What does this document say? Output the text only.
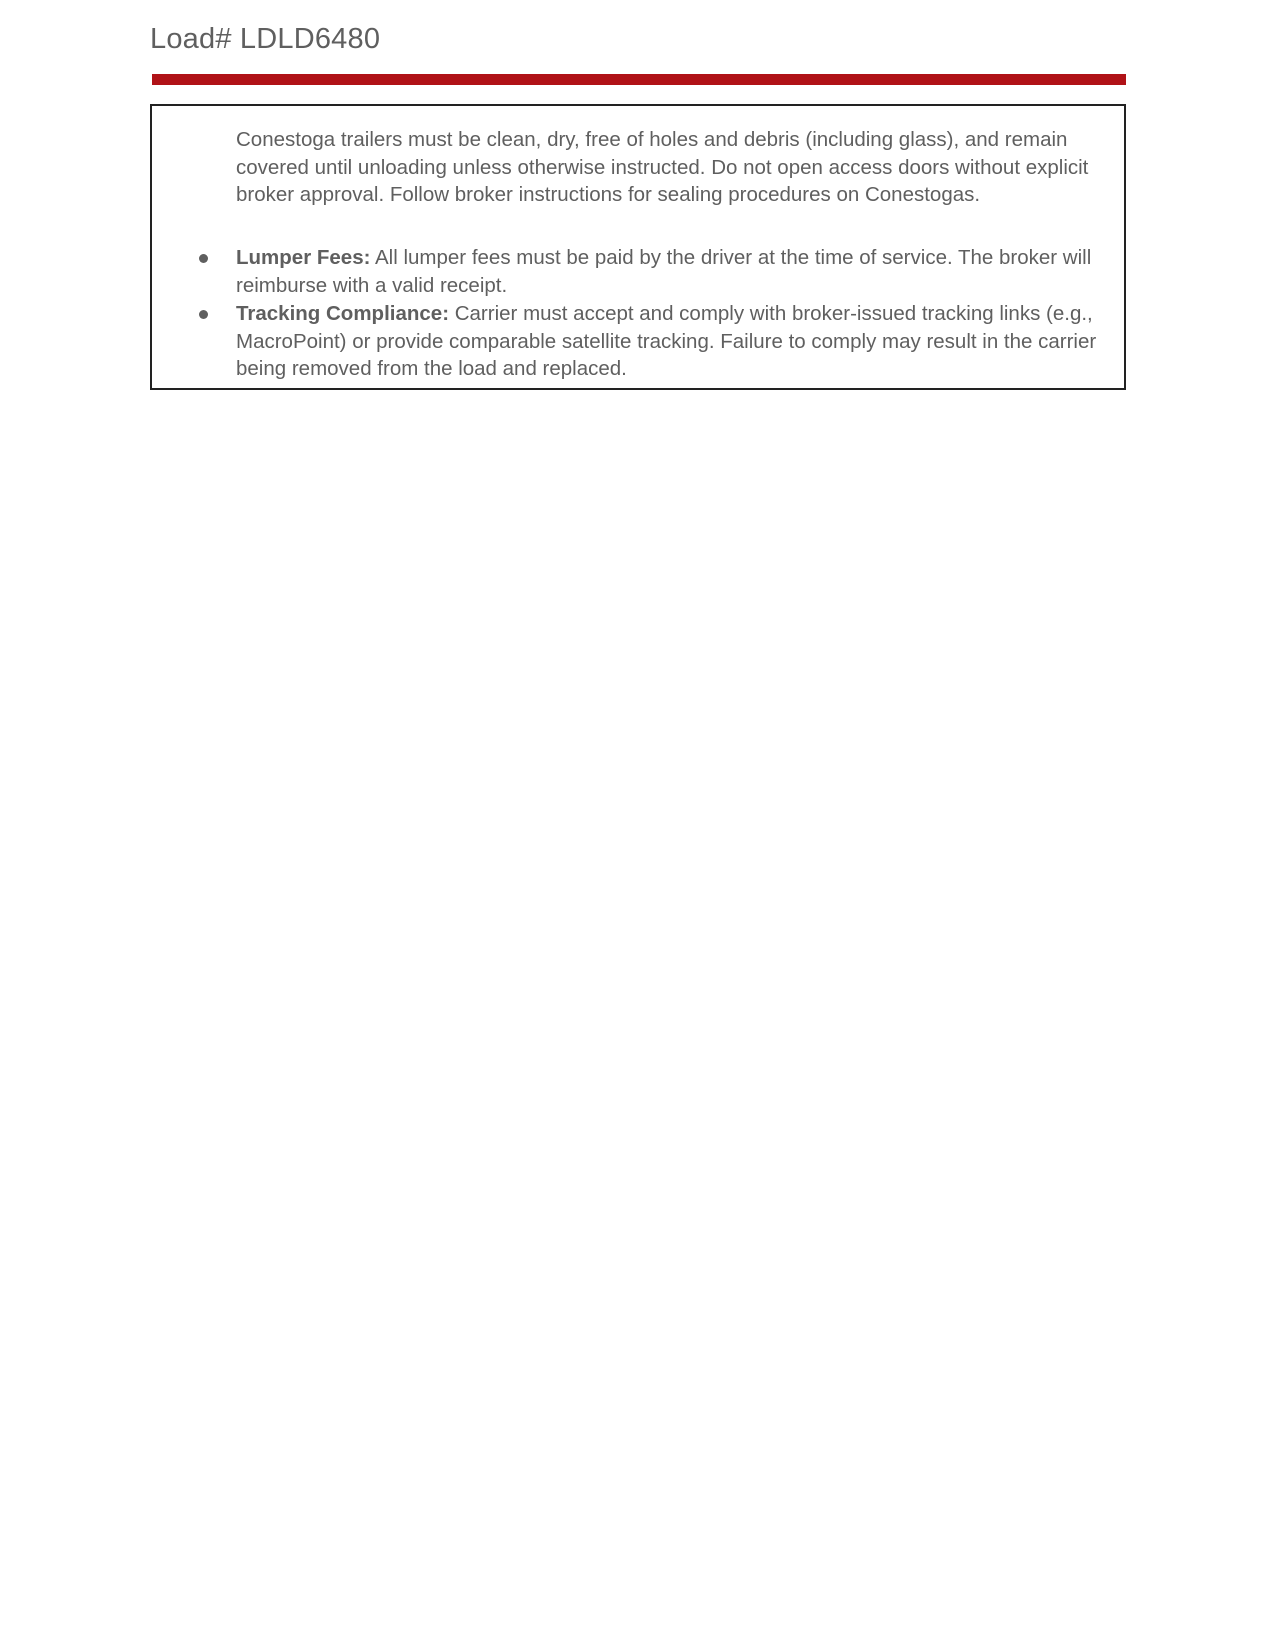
Load# LDLD6480

Conestoga trailers must be clean, dry, free of holes and debris (including glass), and remain covered until unloading unless otherwise instructed. Do not open access doors without explicit broker approval. Follow broker instructions for sealing procedures on Conestogas.

Lumper Fees: All lumper fees must be paid by the driver at the time of service. The broker will reimburse with a valid receipt.
Tracking Compliance: Carrier must accept and comply with broker-issued tracking links (e.g., MacroPoint) or provide comparable satellite tracking. Failure to comply may result in the carrier being removed from the load and replaced.
